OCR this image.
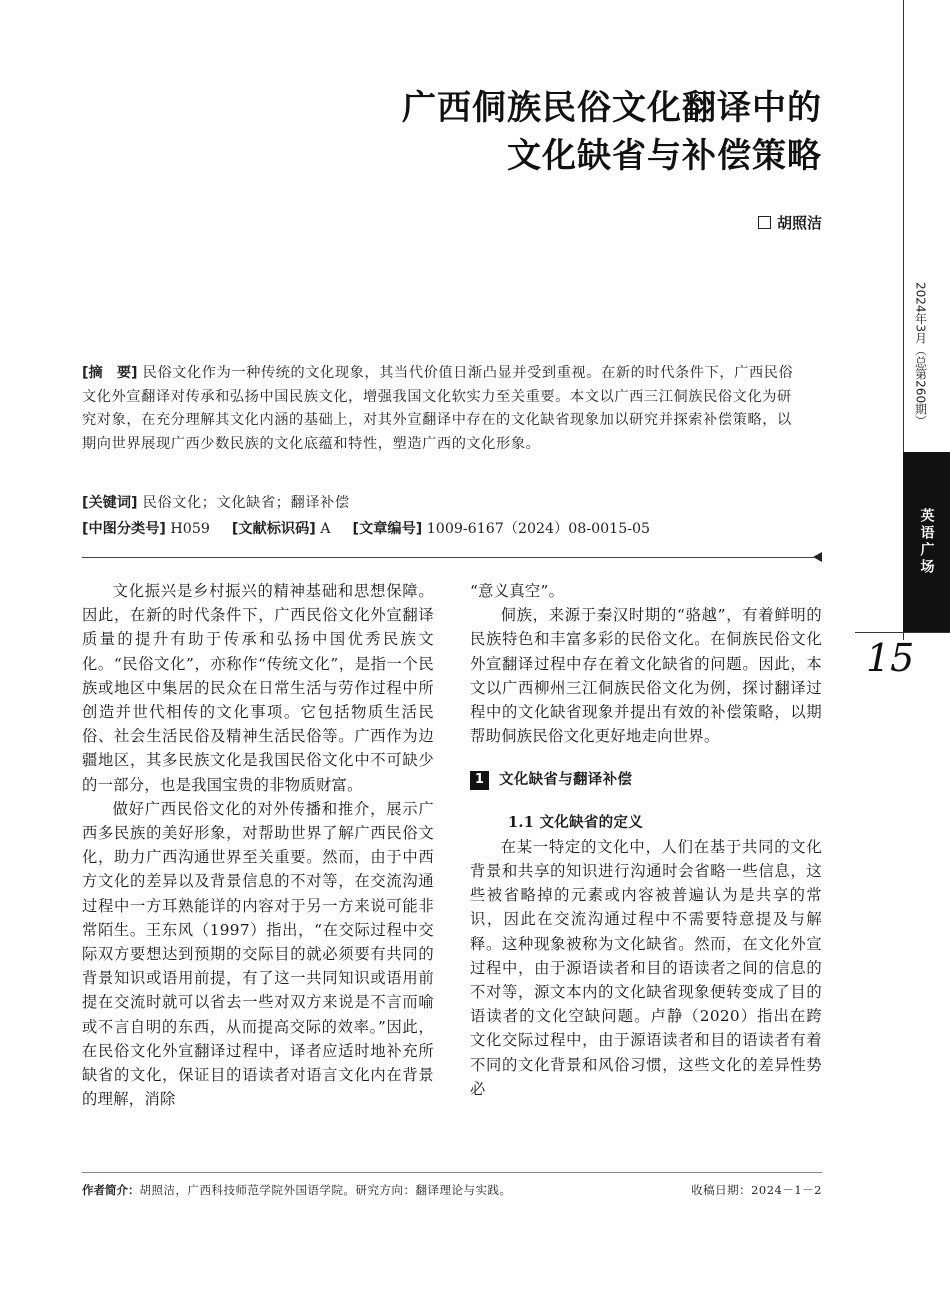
广西侗族民俗文化翻译中的
文化缺省与补偿策略
胡照洁
[摘　要] 民俗文化作为一种传统的文化现象，其当代价值日渐凸显并受到重视。在新的时代条件下，广西民俗文化外宣翻译对传承和弘扬中国民族文化，增强我国文化软实力至关重要。本文以广西三江侗族民俗文化为研究对象，在充分理解其文化内涵的基础上，对其外宣翻译中存在的文化缺省现象加以研究并探索补偿策略，以期向世界展现广西少数民族的文化底蕴和特性，塑造广西的文化形象。
[关键词] 民俗文化；文化缺省；翻译补偿
[中图分类号] H059 [文献标识码] A [文章编号] 1009-6167（2024）08-0015-05

文化振兴是乡村振兴的精神基础和思想保障。因此，在新的时代条件下，广西民俗文化外宣翻译质量的提升有助于传承和弘扬中国优秀民族文化。“民俗文化”，亦称作“传统文化”，是指一个民族或地区中集居的民众在日常生活与劳作过程中所创造并世代相传的文化事项。它包括物质生活民俗、社会生活民俗及精神生活民俗等。广西作为边疆地区，其多民族文化是我国民俗文化中不可缺少的一部分，也是我国宝贵的非物质财富。

做好广西民俗文化的对外传播和推介，展示广西多民族的美好形象，对帮助世界了解广西民俗文化，助力广西沟通世界至关重要。然而，由于中西方文化的差异以及背景信息的不对等，在交流沟通过程中一方耳熟能详的内容对于另一方来说可能非常陌生。王东风（1997）指出，“在交际过程中交际双方要想达到预期的交际目的就必须要有共同的背景知识或语用前提，有了这一共同知识或语用前提在交流时就可以省去一些对双方来说是不言而喻或不言自明的东西，从而提高交际的效率。”因此，在民俗文化外宣翻译过程中，译者应适时地补充所缺省的文化，保证目的语读者对语言文化内在背景的理解，消除

“意义真空”。

侗族，来源于秦汉时期的“骆越”，有着鲜明的民族特色和丰富多彩的民俗文化。在侗族民俗文化外宣翻译过程中存在着文化缺省的问题。因此，本文以广西柳州三江侗族民俗文化为例，探讨翻译过程中的文化缺省现象并提出有效的补偿策略，以期帮助侗族民俗文化更好地走向世界。

1	文化缺省与翻译补偿
1.1 文化缺省的定义

在某一特定的文化中，人们在基于共同的文化背景和共享的知识进行沟通时会省略一些信息，这些被省略掉的元素或内容被普遍认为是共享的常识，因此在交流沟通过程中不需要特意提及与解释。这种现象被称为文化缺省。然而，在文化外宣过程中，由于源语读者和目的语读者之间的信息的不对等，源文本内的文化缺省现象便转变成了目的语读者的文化空缺问题。卢静（2020）指出在跨文化交际过程中，由于源语读者和目的语读者有着不同的文化背景和风俗习惯，这些文化的差异性势必

2024年3月（总第260期）
英语广场
15
作者简介：胡照洁，广西科技师范学院外国语学院。研究方向：翻译理论与实践。	收稿日期：2024－1－2
